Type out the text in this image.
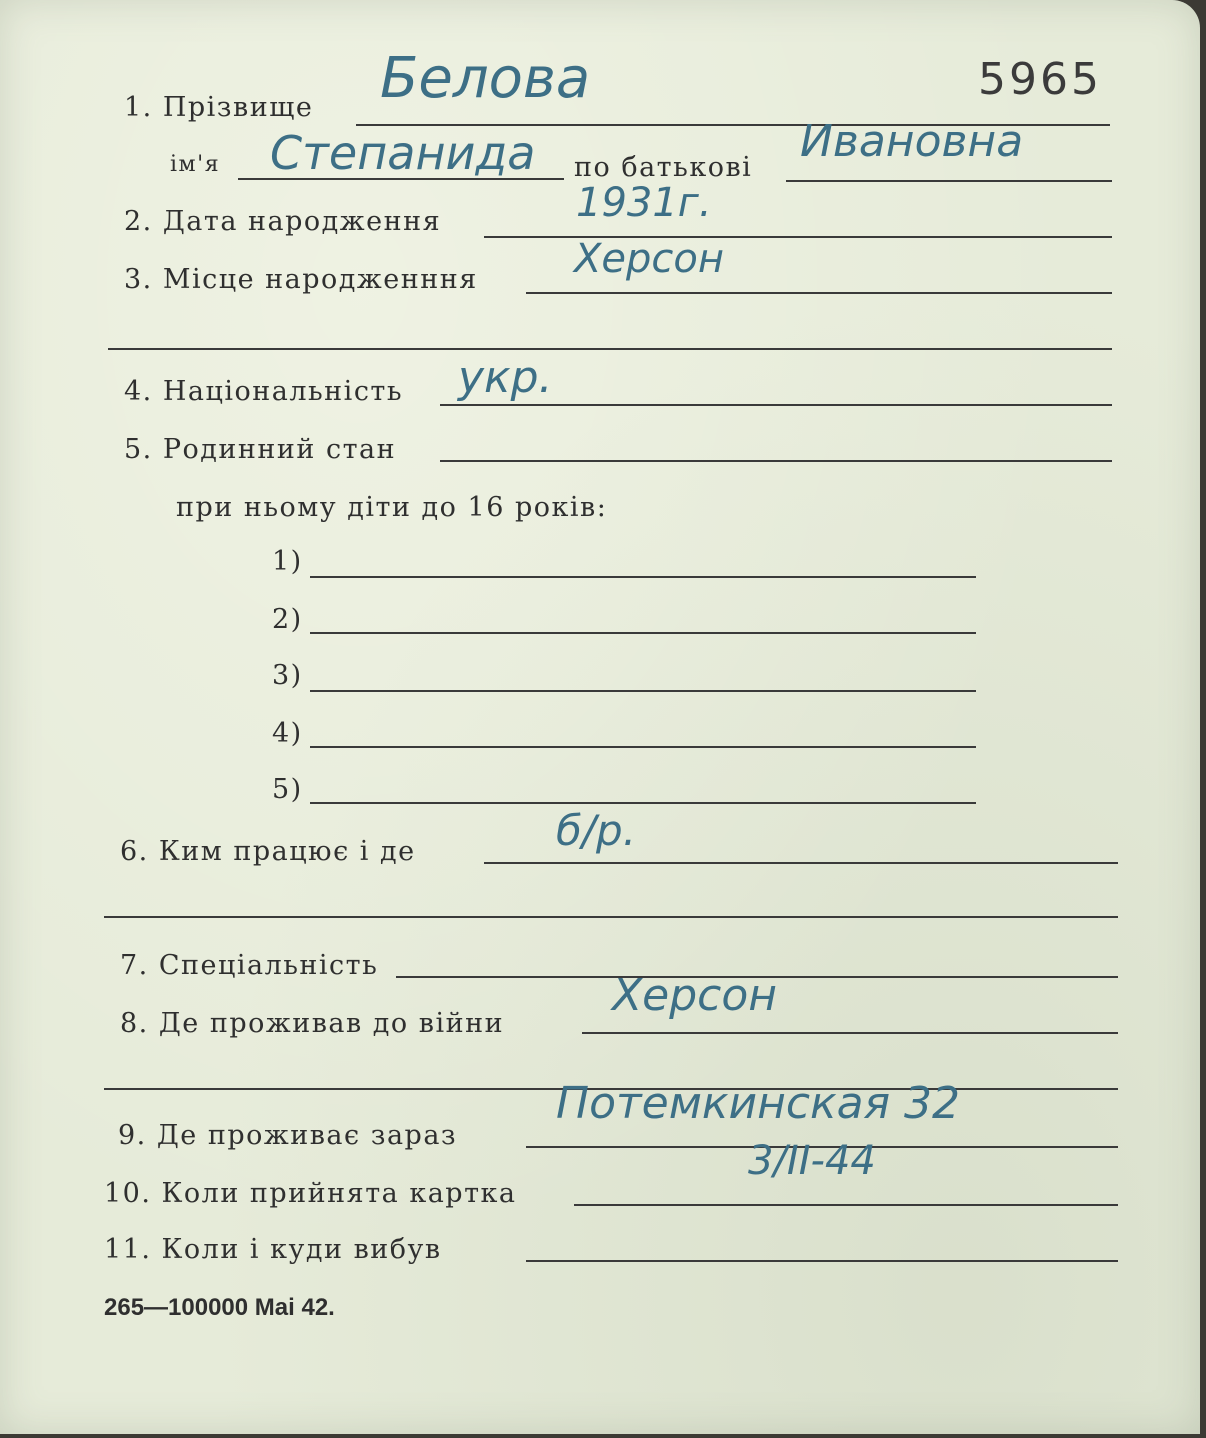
5965
1. Прізвище Белова
ім'я Степанида по батькові
Ивановна
2. Дата народження	1931г.
3. Місце народженння Херсон
4. Національність укр.
5. Родинний стан
при ньому діти до 16 років:
1)
2)
3)
4)
5)
6. Ким працює і де	б/р.
7. Спеціальність
8. Де проживав до війни
Херсон
9. Де проживає зараз
Потемкинская 32
10. Коли прийнята картка
3/II-44
11. Коли і куди вибув
265—100000 Mai 42.
